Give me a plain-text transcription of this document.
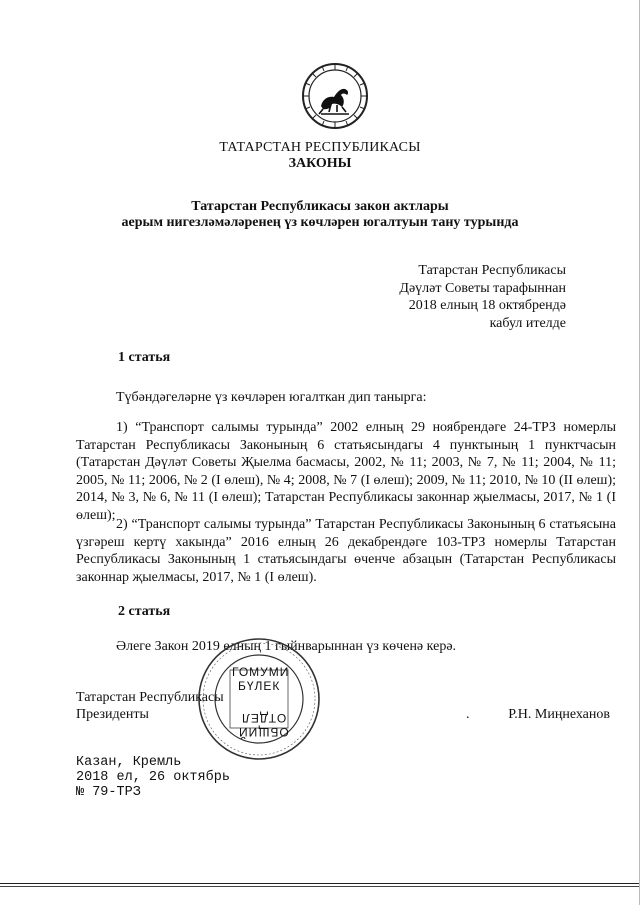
ТАТАРСТАН РЕСПУБЛИКАСЫ
ЗАКОНЫ
Татарстан Республикасы закон актлары
аерым нигезләмәләренең үз көчләрен югалтуын тану турында
Татарстан Республикасы
Дәүләт Советы тарафыннан
2018 елның 18 октябрендә
кабул ителде
1 статья
Түбәндәгеләрне үз көчләрен югалткан дип танырга:
1) “Транспорт салымы турында” 2002 елның 29 ноябрендәге 24-ТРЗ номерлы Татарстан Республикасы Законының 6 статьясындагы 4 пунктының 1 пунктчасын (Татарстан Дәүләт Советы Җыелма басмасы, 2002, № 11; 2003, № 7, № 11; 2004, № 11; 2005, № 11; 2006, № 2 (I өлеш), № 4; 2008, № 7 (I өлеш); 2009, № 11; 2010, № 10 (II өлеш); 2014, № 3, № 6, № 11 (I өлеш); Татарстан Республикасы законнар җыелмасы, 2017, № 1 (I өлеш);
2) “Транспорт салымы турында” Татарстан Республикасы Законының 6 статьясына үзгәреш кертү хакында” 2016 елның 26 декабрендәге 103-ТРЗ номерлы Татарстан Республикасы Законының 1 статьясындагы өченче абзацын (Татарстан Республикасы законнар җыелмасы, 2017, № 1 (I өлеш).
2 статья
Әлеге Закон 2019 елның 1 гыйнварыннан үз көченә керә.
ГОМУМИ
БҮЛЕК
ОТДЕЛ
ОБЩИЙ
Татарстан Республикасы
Президенты	.	Р.Н. Миңнеханов
Казан, Кремль
2018 ел, 26 октябрь
№ 79-ТРЗ
